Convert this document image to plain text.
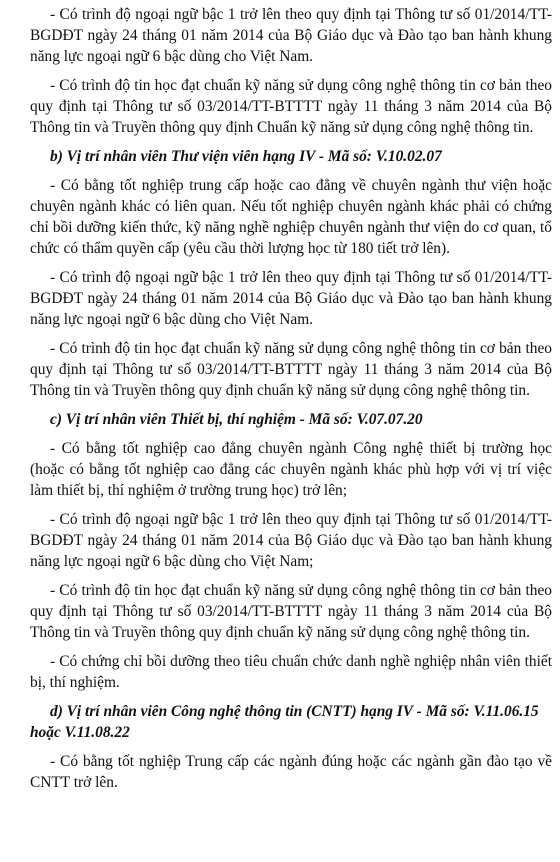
- Có trình độ ngoại ngữ bậc 1 trở lên theo quy định tại Thông tư số 01/2014/TT-BGDĐT ngày 24 tháng 01 năm 2014 của Bộ Giáo dục và Đào tạo ban hành khung năng lực ngoại ngữ 6 bậc dùng cho Việt Nam.

- Có trình độ tin học đạt chuẩn kỹ năng sử dụng công nghệ thông tin cơ bản theo quy định tại Thông tư số 03/2014/TT-BTTTT ngày 11 tháng 3 năm 2014 của Bộ Thông tin và Truyền thông quy định Chuẩn kỹ năng sử dụng công nghệ thông tin.

b) Vị trí nhân viên Thư viện viên hạng IV - Mã số: V.10.02.07

- Có bằng tốt nghiệp trung cấp hoặc cao đẳng về chuyên ngành thư viện hoặc chuyên ngành khác có liên quan. Nếu tốt nghiệp chuyên ngành khác phải có chứng chỉ bồi dưỡng kiến thức, kỹ năng nghề nghiệp chuyên ngành thư viện do cơ quan, tổ chức có thẩm quyền cấp (yêu cầu thời lượng học từ 180 tiết trở lên).

- Có trình độ ngoại ngữ bậc 1 trở lên theo quy định tại Thông tư số 01/2014/TT-BGDĐT ngày 24 tháng 01 năm 2014 của Bộ Giáo dục và Đào tạo ban hành khung năng lực ngoại ngữ 6 bậc dùng cho Việt Nam.

- Có trình độ tin học đạt chuẩn kỹ năng sử dụng công nghệ thông tin cơ bản theo quy định tại Thông tư số 03/2014/TT-BTTTT ngày 11 tháng 3 năm 2014 của Bộ Thông tin và Truyền thông quy định chuẩn kỹ năng sử dụng công nghệ thông tin.

c) Vị trí nhân viên Thiết bị, thí nghiệm - Mã số: V.07.07.20

- Có bằng tốt nghiệp cao đẳng chuyên ngành Công nghệ thiết bị trường học (hoặc có bằng tốt nghiệp cao đẳng các chuyên ngành khác phù hợp với vị trí việc làm thiết bị, thí nghiệm ở trường trung học) trở lên;

- Có trình độ ngoại ngữ bậc 1 trở lên theo quy định tại Thông tư số 01/2014/TT-BGDĐT ngày 24 tháng 01 năm 2014 của Bộ Giáo dục và Đào tạo ban hành khung năng lực ngoại ngữ 6 bậc dùng cho Việt Nam;

- Có trình độ tin học đạt chuẩn kỹ năng sử dụng công nghệ thông tin cơ bản theo quy định tại Thông tư số 03/2014/TT-BTTTT ngày 11 tháng 3 năm 2014 của Bộ Thông tin và Truyền thông quy định chuẩn kỹ năng sử dụng công nghệ thông tin.

- Có chứng chỉ bồi dưỡng theo tiêu chuẩn chức danh nghề nghiệp nhân viên thiết bị, thí nghiệm.

d) Vị trí nhân viên Công nghệ thông tin (CNTT) hạng IV - Mã số: V.11.06.15 hoặc V.11.08.22

- Có bằng tốt nghiệp Trung cấp các ngành đúng hoặc các ngành gần đào tạo về CNTT trở lên.
